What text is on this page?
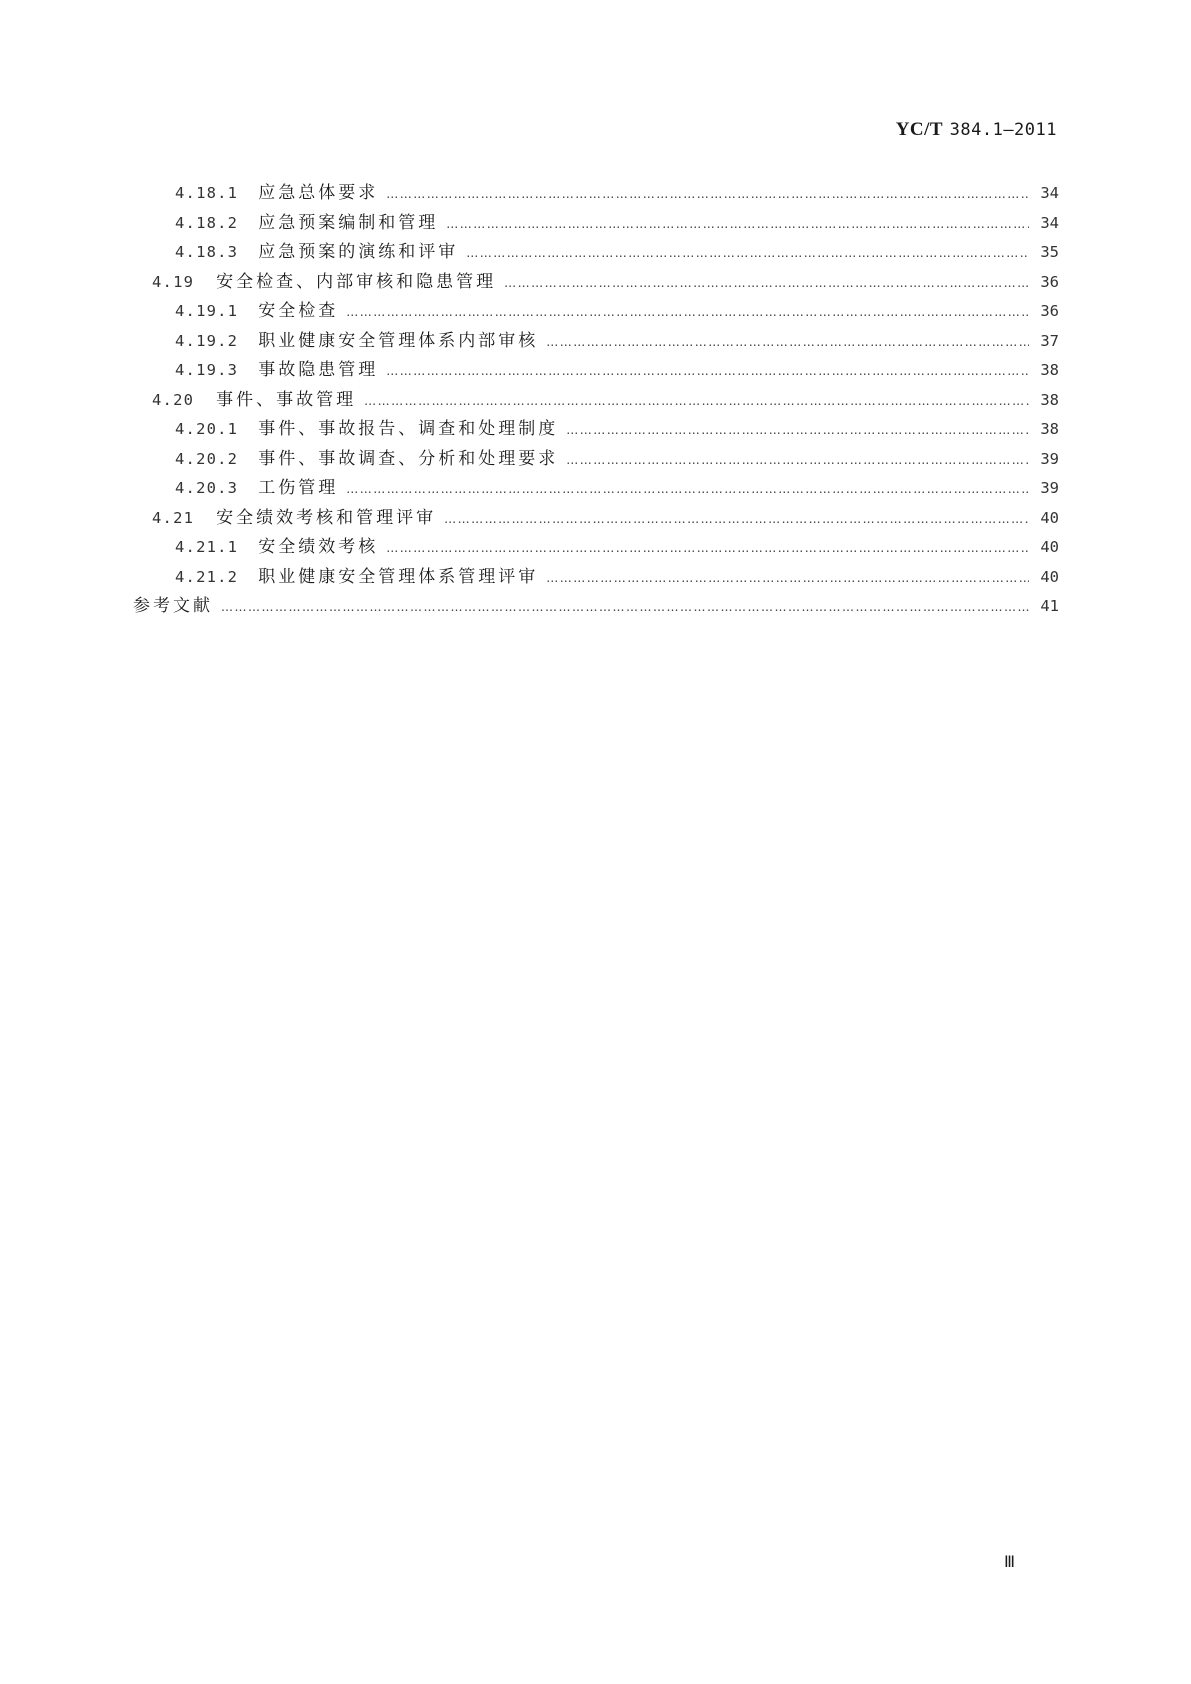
YC/T 384.1—2011
4.18.1 应急总体要求 ……………………………………………………………………………………………………………………………………………………………………………………………………	34
4.18.2 应急预案编制和管理 ……………………………………………………………………………………………………………………………………………………………………………………………………	34
4.18.3 应急预案的演练和评审 ……………………………………………………………………………………………………………………………………………………………………………………………………	35
4.19 安全检查、内部审核和隐患管理 ……………………………………………………………………………………………………………………………………………………………………………………………………	36
4.19.1 安全检查 ……………………………………………………………………………………………………………………………………………………………………………………………………	36
4.19.2 职业健康安全管理体系内部审核 ……………………………………………………………………………………………………………………………………………………………………………………………………	37
4.19.3 事故隐患管理 ……………………………………………………………………………………………………………………………………………………………………………………………………	38
4.20 事件、事故管理 ……………………………………………………………………………………………………………………………………………………………………………………………………	38
4.20.1 事件、事故报告、调查和处理制度 ……………………………………………………………………………………………………………………………………………………………………………………………………	38
4.20.2 事件、事故调查、分析和处理要求 ……………………………………………………………………………………………………………………………………………………………………………………………………	39
4.20.3 工伤管理 ……………………………………………………………………………………………………………………………………………………………………………………………………	39
4.21 安全绩效考核和管理评审 ……………………………………………………………………………………………………………………………………………………………………………………………………	40
4.21.1 安全绩效考核 ……………………………………………………………………………………………………………………………………………………………………………………………………	40
4.21.2 职业健康安全管理体系管理评审 ……………………………………………………………………………………………………………………………………………………………………………………………………	40
参考文献 ……………………………………………………………………………………………………………………………………………………………………………………………………	41
Ⅲ
